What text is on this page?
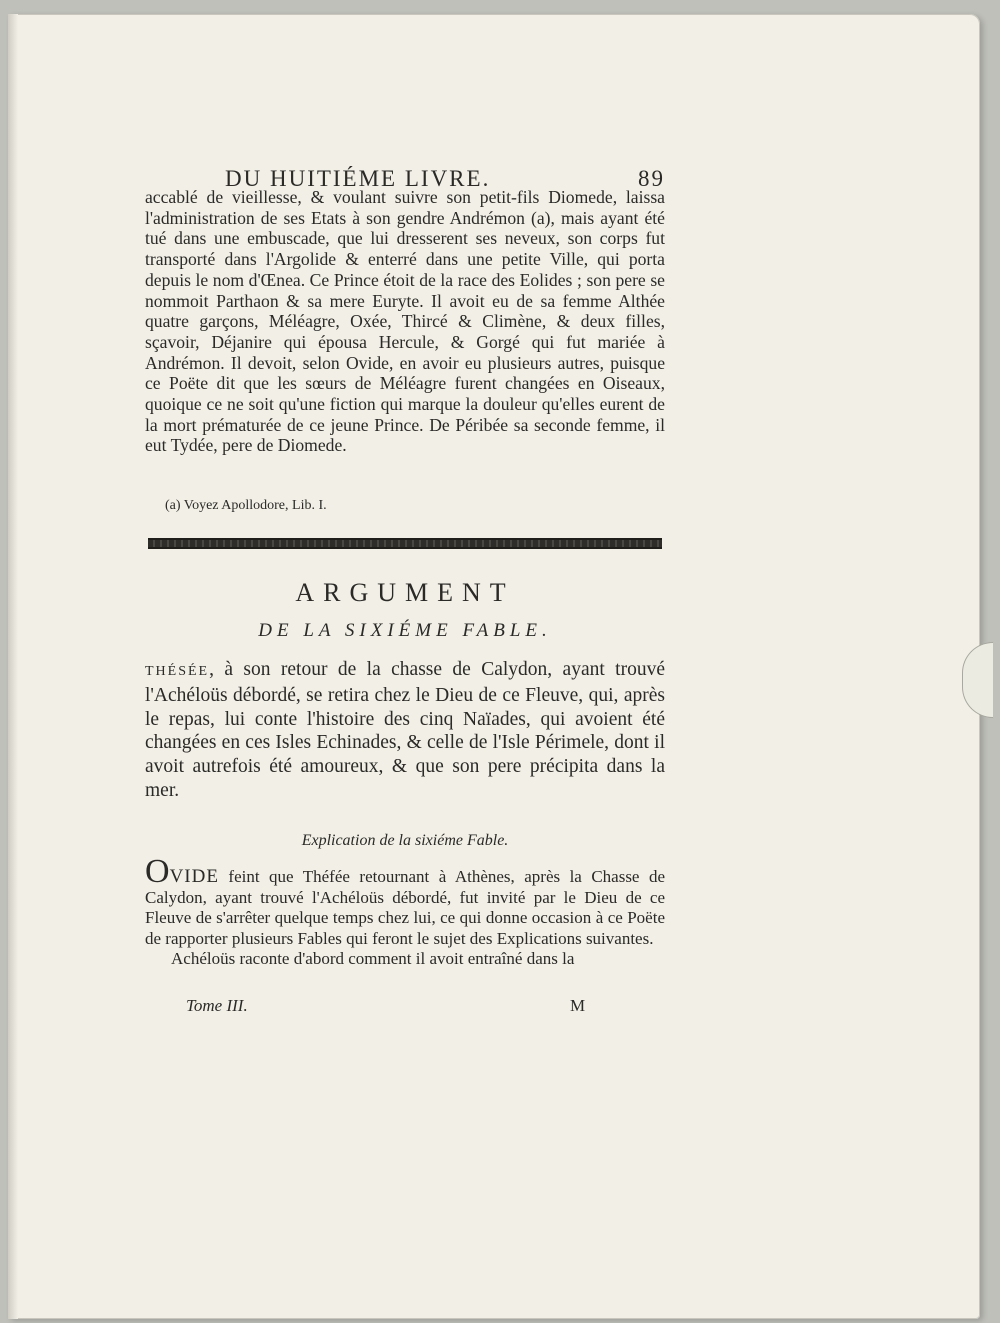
DU HUITIÉME LIVRE.	89

accablé de vieillesse, & voulant suivre son petit-fils Diomede, laissa l'administration de ses Etats à son gendre Andrémon (a), mais ayant été tué dans une embuscade, que lui dresserent ses neveux, son corps fut transporté dans l'Argolide & enterré dans une petite Ville, qui porta depuis le nom d'Œnea. Ce Prince étoit de la race des Eolides ; son pere se nommoit Parthaon & sa mere Euryte. Il avoit eu de sa femme Althée quatre garçons, Méléagre, Oxée, Thircé & Climène, & deux filles, sçavoir, Déjanire qui épousa Hercule, & Gorgé qui fut mariée à Andrémon. Il devoit, selon Ovide, en avoir eu plusieurs autres, puisque ce Poëte dit que les sœurs de Méléagre furent changées en Oiseaux, quoique ce ne soit qu'une fiction qui marque la douleur qu'elles eurent de la mort prématurée de ce jeune Prince. De Péribée sa seconde femme, il eut Tydée, pere de Diomede.

(a) Voyez Apollodore, Lib. I.
ARGUMENT
DE LA SIXIÉME FABLE.

THÉSÉE, à son retour de la chasse de Calydon, ayant trouvé l'Achéloüs débordé, se retira chez le Dieu de ce Fleuve, qui, après le repas, lui conte l'histoire des cinq Naïades, qui avoient été changées en ces Isles Echinades, & celle de l'Isle Périmele, dont il avoit autrefois été amoureux, & que son pere précipita dans la mer.

Explication de la sixiéme Fable.

OVIDE feint que Théfée retournant à Athènes, après la Chasse de Calydon, ayant trouvé l'Achéloüs débordé, fut invité par le Dieu de ce Fleuve de s'arrêter quelque temps chez lui, ce qui donne occasion à ce Poëte de rapporter plusieurs Fables qui feront le sujet des Explications suivantes.

Achéloüs raconte d'abord comment il avoit entraîné dans la

Tome III.	M
